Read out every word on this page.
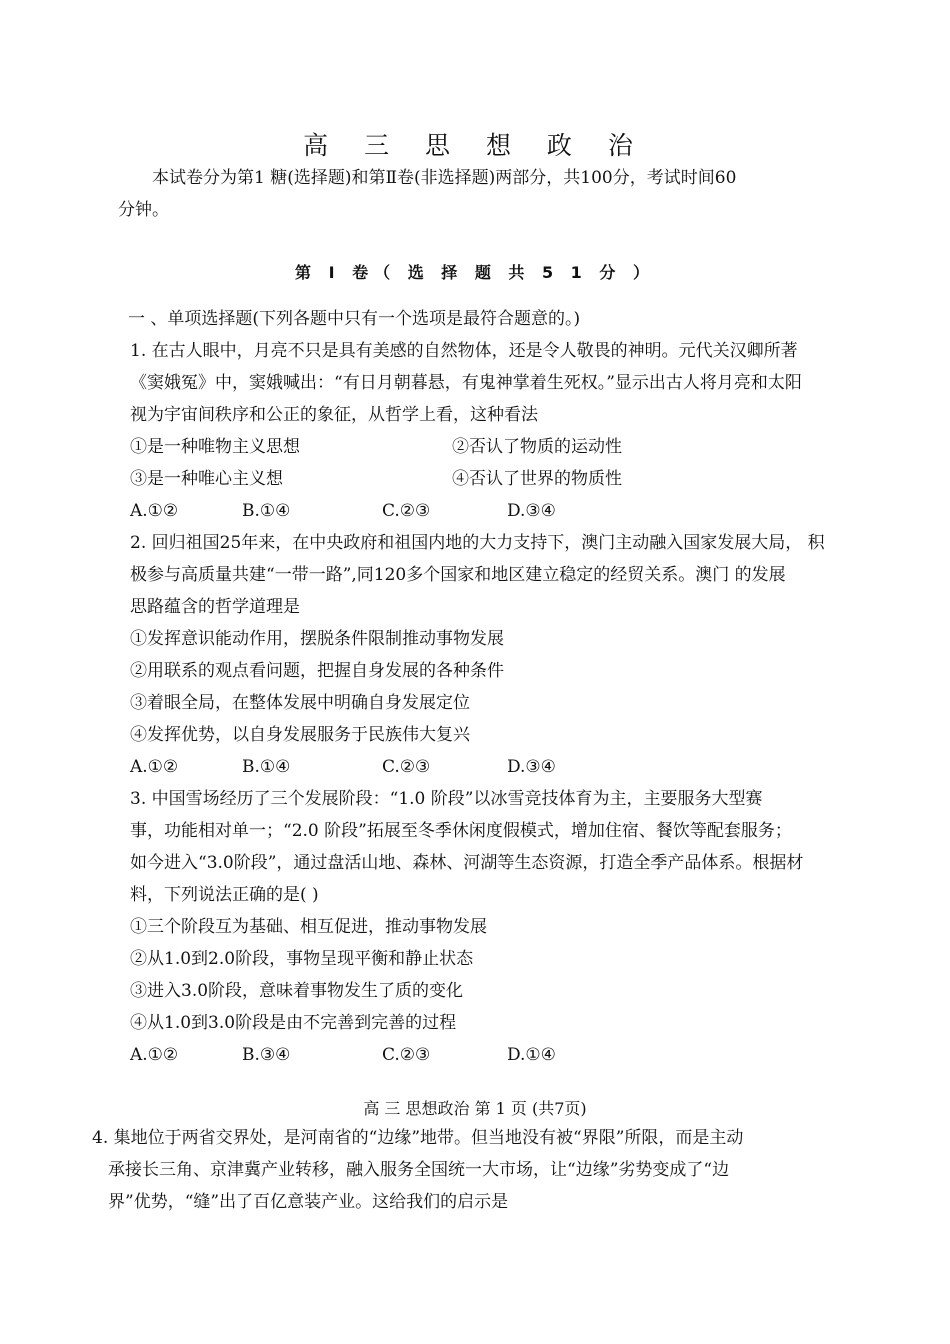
高 三 思 想 政 治
本试卷分为第1 糖(选择题)和第Ⅱ卷(非选择题)两部分，共100分，考试时间60
分钟。
第 I 卷（ 选 择 题 共 5 1 分 ）
一 、单项选择题(下列各题中只有一个选项是最符合题意的。)
1. 在古人眼中，月亮不只是具有美感的自然物体，还是令人敬畏的神明。元代关汉卿所著
《窦娥冤》中，窦娥喊出：“有日月朝暮悬，有鬼神掌着生死权。”显示出古人将月亮和太阳
视为宇宙间秩序和公正的象征，从哲学上看，这种看法
①是一种唯物主义思想	②否认了物质的运动性
③是一种唯心主义想	④否认了世界的物质性
A.①②	B.①④	C.②③	D.③④
2. 回归祖国25年来，在中央政府和祖国内地的大力支持下，澳门主动融入国家发展大局， 积
极参与高质量共建“一带一路”,同120多个国家和地区建立稳定的经贸关系。澳门 的发展
思路蕴含的哲学道理是
①发挥意识能动作用，摆脱条件限制推动事物发展
②用联系的观点看问题，把握自身发展的各种条件
③着眼全局，在整体发展中明确自身发展定位
④发挥优势，以自身发展服务于民族伟大复兴
A.①②	B.①④	C.②③	D.③④
3. 中国雪场经历了三个发展阶段：“1.0 阶段”以冰雪竞技体育为主，主要服务大型赛
事，功能相对单一；“2.0 阶段”拓展至冬季休闲度假模式，增加住宿、餐饮等配套服务；
如今进入“3.0阶段”，通过盘活山地、森林、河湖等生态资源，打造全季产品体系。根据材
料，下列说法正确的是( )
①三个阶段互为基础、相互促进，推动事物发展
②从1.0到2.0阶段，事物呈现平衡和静止状态
③进入3.0阶段，意味着事物发生了质的变化
④从1.0到3.0阶段是由不完善到完善的过程
A.①②	B.③④	C.②③	D.①④
高 三 思想政治 第 1 页 (共7页)
4. 集地位于两省交界处，是河南省的“边缘”地带。但当地没有被“界限”所限，而是主动
承接长三角、京津冀产业转移，融入服务全国统一大市场，让“边缘”劣势变成了“边
界”优势，“缝”出了百亿意装产业。这给我们的启示是
